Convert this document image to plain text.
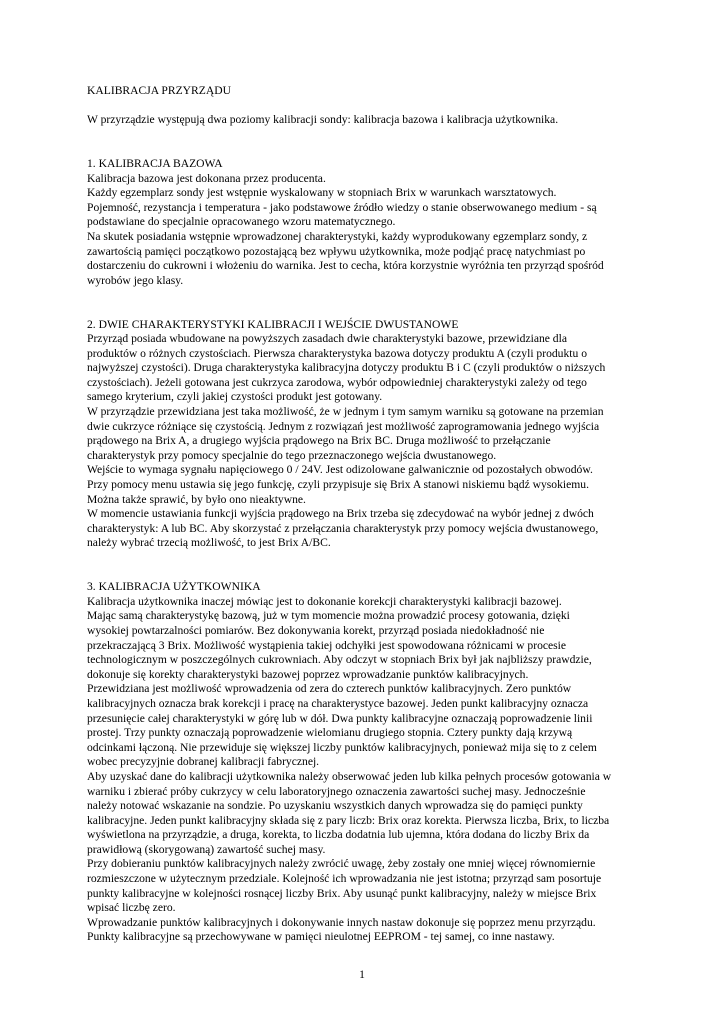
KALIBRACJA PRZYRZĄDU

W przyrządzie występują dwa poziomy kalibracji sondy: kalibracja bazowa i kalibracja użytkownika.

1. KALIBRACJA BAZOWA

Kalibracja bazowa jest dokonana przez producenta.
Każdy egzemplarz sondy jest wstępnie wyskalowany w stopniach Brix w warunkach warsztatowych.
Pojemność, rezystancja i temperatura - jako podstawowe źródło wiedzy o stanie obserwowanego medium - są
podstawiane do specjalnie opracowanego wzoru matematycznego.
Na skutek posiadania wstępnie wprowadzonej charakterystyki, każdy wyprodukowany egzemplarz sondy, z
zawartością pamięci początkowo pozostającą bez wpływu użytkownika, może podjąć pracę natychmiast po
dostarczeniu do cukrowni i włożeniu do warnika. Jest to cecha, która korzystnie wyróżnia ten przyrząd spośród
wyrobów jego klasy.

2. DWIE CHARAKTERYSTYKI KALIBRACJI I WEJŚCIE DWUSTANOWE

Przyrząd posiada wbudowane na powyższych zasadach dwie charakterystyki bazowe, przewidziane dla
produktów o różnych czystościach. Pierwsza charakterystyka bazowa dotyczy produktu A (czyli produktu o
najwyższej czystości). Druga charakterystyka kalibracyjna dotyczy produktu B i C (czyli produktów o niższych
czystościach). Jeżeli gotowana jest cukrzyca zarodowa, wybór odpowiedniej charakterystyki zależy od tego
samego kryterium, czyli jakiej czystości produkt jest gotowany.
W przyrządzie przewidziana jest taka możliwość, że w jednym i tym samym warniku są gotowane na przemian
dwie cukrzyce różniące się czystością. Jednym z rozwiązań jest możliwość zaprogramowania jednego wyjścia
prądowego na Brix A, a drugiego wyjścia prądowego na Brix BC. Druga możliwość to przełączanie
charakterystyk przy pomocy specjalnie do tego przeznaczonego wejścia dwustanowego.
Wejście to wymaga sygnału napięciowego 0 / 24V. Jest odizolowane galwanicznie od pozostałych obwodów.
Przy pomocy menu ustawia się jego funkcję, czyli przypisuje się Brix A stanowi niskiemu bądź wysokiemu.
Można także sprawić, by było ono nieaktywne.
W momencie ustawiania funkcji wyjścia prądowego na Brix trzeba się zdecydować na wybór jednej z dwóch
charakterystyk: A lub BC. Aby skorzystać z przełączania charakterystyk przy pomocy wejścia dwustanowego,
należy wybrać trzecią możliwość, to jest Brix A/BC.

3. KALIBRACJA UŻYTKOWNIKA

Kalibracja użytkownika inaczej mówiąc jest to dokonanie korekcji charakterystyki kalibracji bazowej.
Mając samą charakterystykę bazową, już w tym momencie można prowadzić procesy gotowania, dzięki
wysokiej powtarzalności pomiarów. Bez dokonywania korekt, przyrząd posiada niedokładność nie
przekraczającą 3 Brix. Możliwość wystąpienia takiej odchyłki jest spowodowana różnicami w procesie
technologicznym w poszczególnych cukrowniach. Aby odczyt w stopniach Brix był jak najbliższy prawdzie,
dokonuje się korekty charakterystyki bazowej poprzez wprowadzanie punktów kalibracyjnych.
Przewidziana jest możliwość wprowadzenia od zera do czterech punktów kalibracyjnych. Zero punktów
kalibracyjnych oznacza brak korekcji i pracę na charakterystyce bazowej. Jeden punkt kalibracyjny oznacza
przesunięcie całej charakterystyki w górę lub w dół. Dwa punkty kalibracyjne oznaczają poprowadzenie linii
prostej. Trzy punkty oznaczają poprowadzenie wielomianu drugiego stopnia. Cztery punkty dają krzywą
odcinkami łączoną. Nie przewiduje się większej liczby punktów kalibracyjnych, ponieważ mija się to z celem
wobec precyzyjnie dobranej kalibracji fabrycznej.
Aby uzyskać dane do kalibracji użytkownika należy obserwować jeden lub kilka pełnych procesów gotowania w
warniku i zbierać próby cukrzycy w celu laboratoryjnego oznaczenia zawartości suchej masy. Jednocześnie
należy notować wskazanie na sondzie. Po uzyskaniu wszystkich danych wprowadza się do pamięci punkty
kalibracyjne. Jeden punkt kalibracyjny składa się z pary liczb: Brix oraz korekta. Pierwsza liczba, Brix, to liczba
wyświetlona na przyrządzie, a druga, korekta, to liczba dodatnia lub ujemna, która dodana do liczby Brix da
prawidłową (skorygowaną) zawartość suchej masy.
Przy dobieraniu punktów kalibracyjnych należy zwrócić uwagę, żeby zostały one mniej więcej równomiernie
rozmieszczone w użytecznym przedziale. Kolejność ich wprowadzania nie jest istotna; przyrząd sam posortuje
punkty kalibracyjne w kolejności rosnącej liczby Brix. Aby usunąć punkt kalibracyjny, należy w miejsce Brix
wpisać liczbę zero.
Wprowadzanie punktów kalibracyjnych i dokonywanie innych nastaw dokonuje się poprzez menu przyrządu.
Punkty kalibracyjne są przechowywane w pamięci nieulotnej EEPROM - tej samej, co inne nastawy.
1
